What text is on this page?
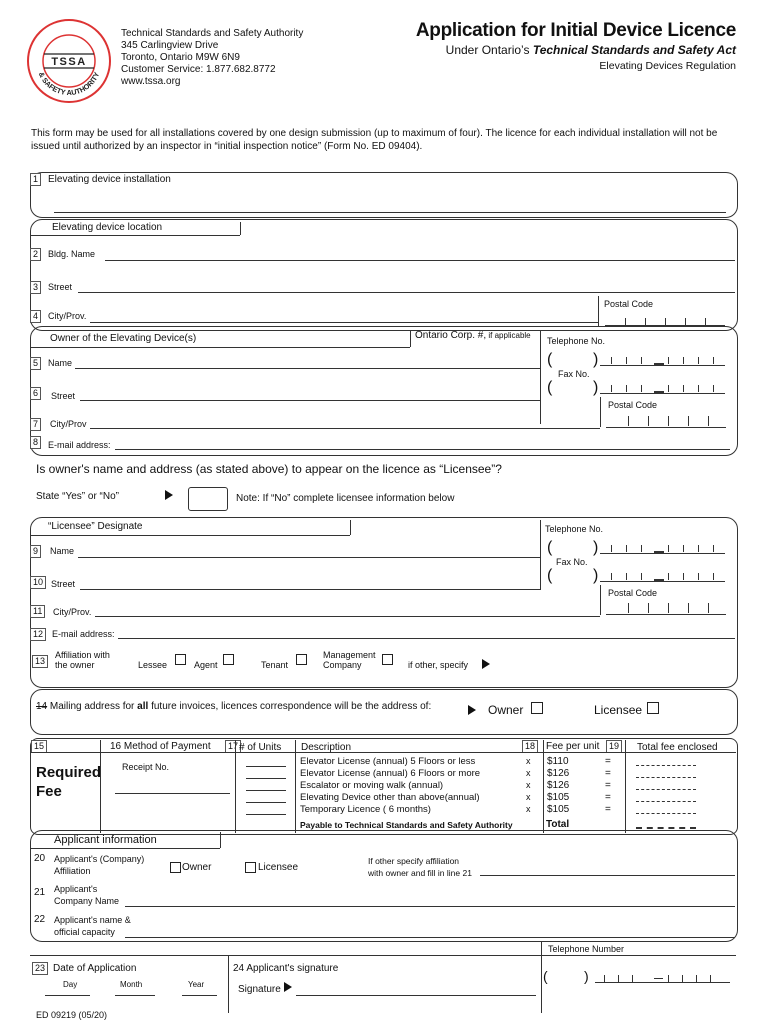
& SAFETY AUTHORITY
TSSA
Technical Standards and Safety Authority
345 Carlingview Drive
Toronto, Ontario M9W 6N9
Customer Service: 1.877.682.8772
www.tssa.org
Application for Initial Device Licence
Under Ontario’s Technical Standards and Safety Act
Elevating Devices Regulation
This form may be used for all installations covered by one design submission (up to maximum of four). The licence for each individual installation will not be issued until authorized by an inspector in “initial inspection notice” (Form No. ED 09404).
1 Elevating device installation
Elevating device location
2	Bldg. Name
3	Street
Postal Code
4	City/Prov.
Owner of the Elevating Device(s)	Ontario Corp. #, if applicable
Telephone No.
(	)
5	Name
Fax No.
(	)
6	Street
Postal Code
7	City/Prov
8	E-mail address:
Is owner's name and address (as stated above) to appear on the licence as “Licensee”?
State “Yes” or “No”	Note: If “No” complete licensee information below
“Licensee” Designate	Telephone No.
(	)
9	Name
Fax No.
(	)
10 Street
Postal Code
11	City/Prov.
12 E-mail address:
13
Affiliation with
the owner	Lessee	Agent	Tenant
Management
Company	if other, specify
14 Mailing address for all future invoices, licences correspondence will be the address of:	Owner	Licensee
15	16 Method of Payment	17 # of Units Description	18	Fee per unit	19	Total fee enclosed
Required
Fee
Receipt No.	Elevator License (annual) 5 Floors or less	x $110	=
Elevator License (annual) 6 Floors or more	x $126	=
Escalator or moving walk (annual)	x $126	=
Elevating Device other than above(annual)	x $105	=
Temporary Licence ( 6 months)	x $105	=
Payable to Technical Standards and Safety Authority	Total
Applicant information
20 Applicant's (Company)
Affiliation	Owner	Licensee
If other specify affiliation
with owner and fill in line 21
21 Applicant's
Company Name
22 Applicant's name &
official capacity
Telephone Number
23 Date of Application
Day	Month	Year
24 Applicant's signature
Signature
(	)
ED 09219 (05/20)
